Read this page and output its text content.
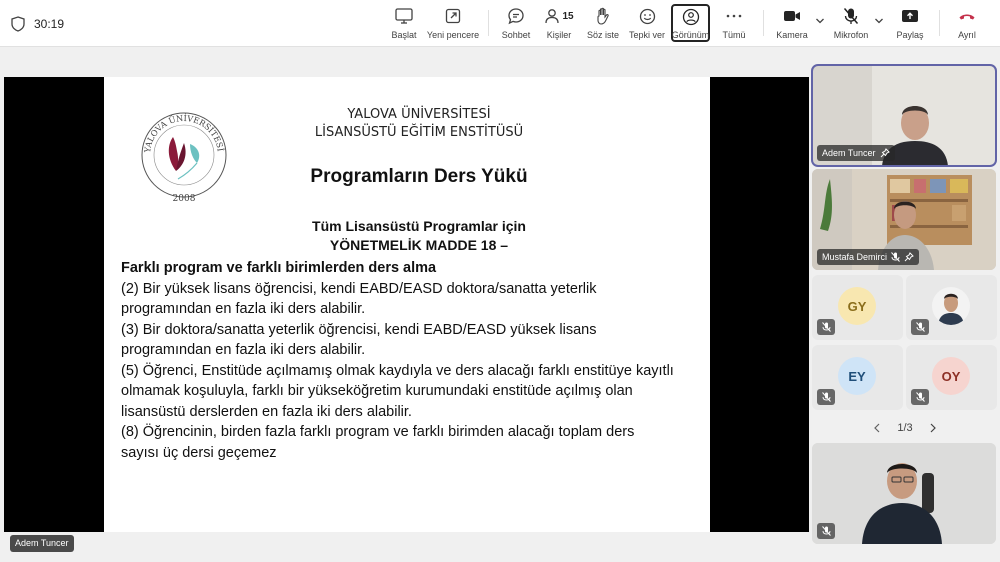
30:19
Başlat Yeni pencere	Sohbet
15
Kişiler Söz iste Tepki ver Görünüm Tümü	Kamera	Mikrofon	Paylaş	Ayrıl
YALOVA ÜNİVERSİTESİ
2008
YALOVA ÜNİVERSİTESİ
LİSANSÜSTÜ EĞİTİM ENSTİTÜSÜ
Programların Ders Yükü
Tüm Lisansüstü Programlar için
YÖNETMELİK MADDE 18 –
Farklı program ve farklı birimlerden ders alma
(2) Bir yüksek lisans öğrencisi, kendi EABD/EASD doktora/sanatta yeterlik
programından en fazla iki ders alabilir.
(3) Bir doktora/sanatta yeterlik öğrencisi, kendi EABD/EASD yüksek lisans
programından en fazla iki ders alabilir.
(5) Öğrenci, Enstitüde açılmamış olmak kaydıyla ve ders alacağı farklı enstitüye kayıtlı
olmamak koşuluyla, farklı bir yükseköğretim kurumundaki enstitüde açılmış olan
lisansüstü derslerden en fazla iki ders alabilir.
(8) Öğrencinin, birden fazla farklı program ve farklı birimden alacağı toplam ders
sayısı üç dersi geçemez
Adem Tuncer
Adem Tuncer
Mustafa Demirci
GY
EY	OY
1/3
